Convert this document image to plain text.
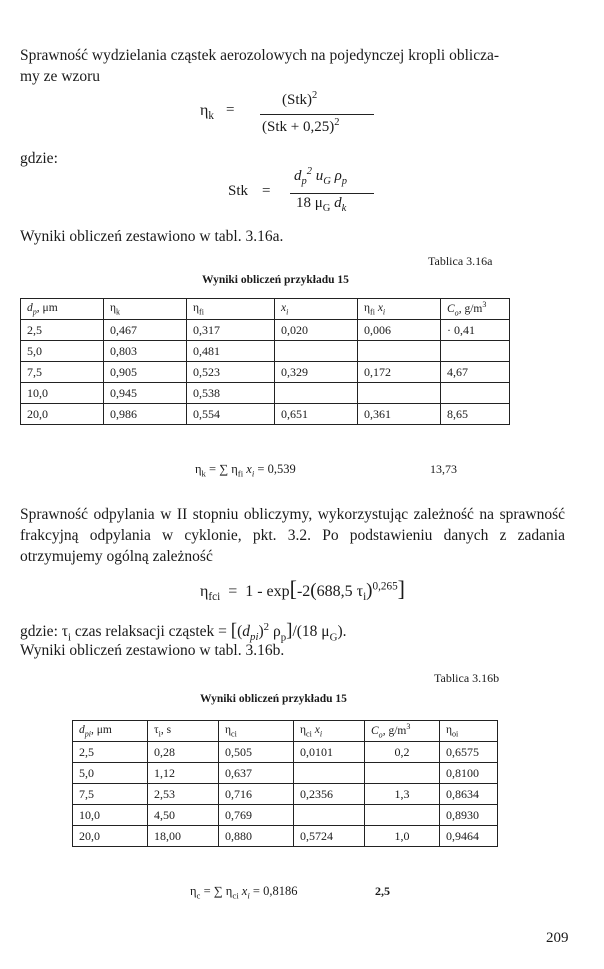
Sprawność wydzielania cząstek aerozolowych na pojedynczej kropli oblicza-
my ze wzoru
$\eta_k$ =
(Stk)$^2$
(Stk + 0,25)$^2$
gdzie:
Stk =
$d_p^2$ $u_G$ $\rho_p$
18 $\mu_G$ $d_k$
Wyniki obliczeń zestawiono w tabl. 3.16a.
Tablica 3.16a
Wyniki obliczeń przykładu 15
$d_p$, μm	$\eta_k$	$\eta_{fi}$	$x_i$	$\eta_{fi}$ $x_i$	$C_o$, $g/m^3$
2,5	0,467	0,317	0,020	0,006	· 0,41
5,0	0,803	0,481			
7,5	0,905	0,523	0,329	0,172	4,67
10,0	0,945	0,538			
20,0	0,986	0,554	0,651	0,361	8,65
$\eta_k$ = ∑ $\eta_{fi}$ $x_i = 0,539$	13,73
Sprawność odpylania w II stopniu obliczymy, wykorzystując zależność na sprawność frakcyjną odpylania w cyklonie, pkt. 3.2. Po podstawieniu danych z zadania otrzymujemy ogólną zależność
$\eta_{fci} = 1 - \exp[-2(688,5$ $\tau_i)^{0,265}$]
gdzie: $\tau_i$ czas relaksacji cząstek = [$(d_{pi})^2$ $\rho_p]/(18$ $\mu_G$).
Wyniki obliczeń zestawiono w tabl. 3.16b.
Tablica 3.16b
Wyniki obliczeń przykładu 15
$d_{pi}$, μm	$\tau_i$, s	$\eta_{ci}$	$\eta_{ci}$ $x_i$	$C_o$, $g/m^3$	$\eta_{oi}$
2,5	0,28	0,505	0,0101	0,2	0,6575
5,0	1,12	0,637			0,8100
7,5	2,53	0,716	0,2356	1,3	0,8634
10,0	4,50	0,769			0,8930
20,0	18,00	0,880	0,5724	1,0	0,9464
$\eta_c$ = ∑ $\eta_{ci}$ $x_i = 0,8186$	2,5
209
